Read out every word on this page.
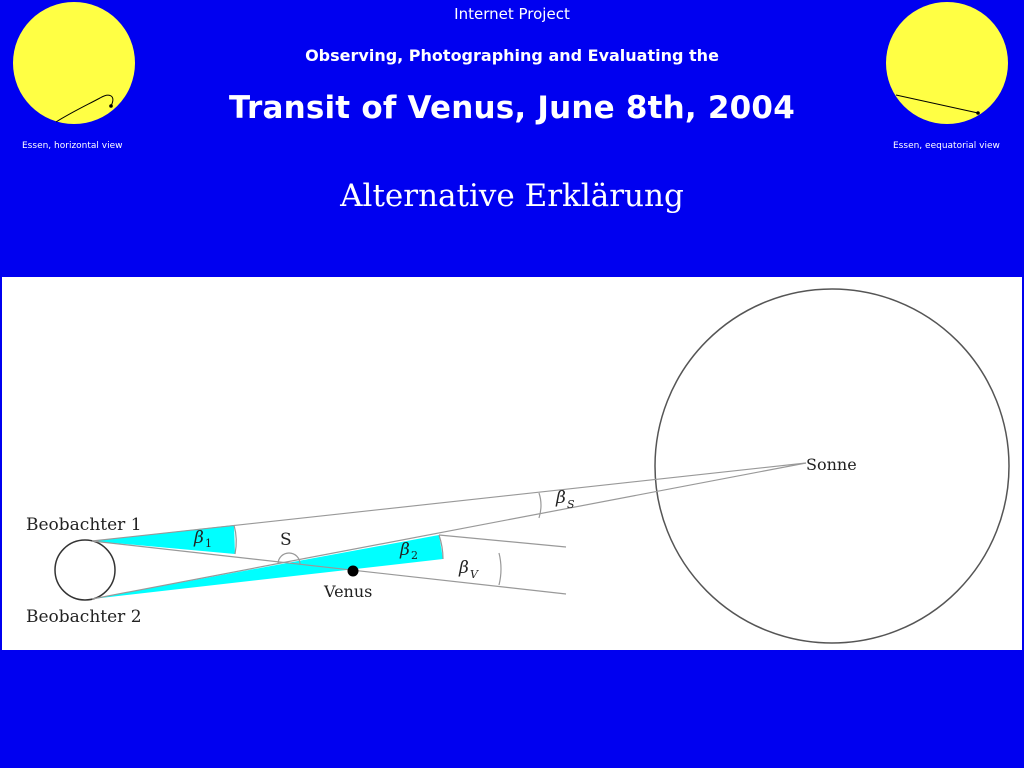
Internet Project
Observing, Photographing and Evaluating the
Transit of Venus, June 8th, 2004
Essen, horizontal view	Essen, eequatorial view
Alternative Erklärung
Beobachter 1
Beobachter 2
Venus
S
Sonne
β 1	β 2
β V
β S
